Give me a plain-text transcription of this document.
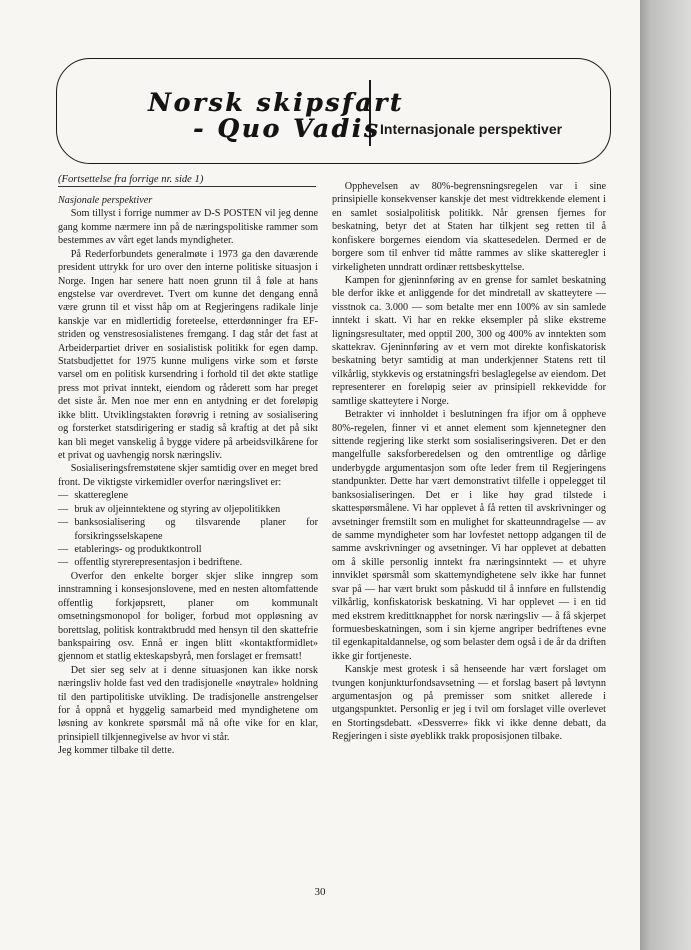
Norsk skipsfart
- Quo Vadis Internasjonale perspektiver

(Fortsettelse fra forrige nr. side 1)

Nasjonale perspektiver

Som tillyst i forrige nummer av D-S POSTEN vil jeg denne gang komme nærmere inn på de næringspolitiske rammer som bestemmes av vårt eget lands myndigheter.

På Rederforbundets generalmøte i 1973 ga den daværende president uttrykk for uro over den interne politiske situasjon i Norge. Ingen har senere hatt noen grunn til å føle at hans engstelse var overdrevet. Tvert om kunne det dengang ennå være grunn til et visst håp om at Regjeringens radikale linje kanskje var en midlertidig foreteelse, etterdønninger fra EF-striden og venstresosialistenes fremgang. I dag står det fast at Arbeiderpartiet driver en sosialistisk politikk for egen damp. Statsbudjettet for 1975 kunne muligens virke som et første varsel om en politisk kursendring i forhold til det økte statlige press mot privat inntekt, eiendom og råderett som har preget det siste år. Men noe mer enn en antydning er det foreløpig ikke blitt. Utviklingstakten forøvrig i retning av sosialisering og forsterket statsdirigering er stadig så kraftig at det på sikt kan bli meget vanskelig å bygge videre på arbeidsvilkårene for et privat og uavhengig norsk næringsliv.

Sosialiseringsfremstøtene skjer samtidig over en meget bred front. De viktigste virkemidler overfor næringslivet er:

— skattereglene
— bruk av oljeinntektene og styring av oljepolitikken
— banksosialisering og tilsvarende planer for forsikringsselskapene
— etablerings- og produktkontroll
— offentlig styrerepresentasjon i bedriftene.

Overfor den enkelte borger skjer slike inngrep som innstramning i konsesjonslovene, med en nesten altomfattende offentlig forkjøpsrett, planer om kommunalt omsetningsmonopol for boliger, forbud mot oppløsning av borettslag, politisk kontraktbrudd med hensyn til den skattefrie bankspairing osv. Ennå er ingen blitt «kontaktformidlet» gjennom et statlig ekteskapsbyrå, men forslaget er fremsatt!

Det sier seg selv at i denne situasjonen kan ikke norsk næringsliv holde fast ved den tradisjonelle «nøytrale» holdning til den partipolitiske utvikling. De tradisjonelle anstrengelser for å oppnå et hyggelig samarbeid med myndighetene om løsning av konkrete spørsmål må nå ofte vike for en klar, prinsipiell tilkjennegivelse av hvor vi står.

Jeg kommer tilbake til dette.

Opphevelsen av 80%-begrensningsregelen var i sine prinsipielle konsekvenser kanskje det mest vidtrekkende element i en samlet sosialpolitisk politikk. Når grensen fjernes for beskatning, betyr det at Staten har tilkjent seg retten til å konfiskere borgernes eiendom via skattesedelen. Dermed er de borgere som til enhver tid måtte rammes av slike skatteregler i virkeligheten unndratt ordinær rettsbeskyttelse.

Kampen for gjeninnføring av en grense for samlet beskatning ble derfor ikke et anliggende for det mindretall av skatteytere — visstnok ca. 3.000 — som betalte mer enn 100% av sin samlede inntekt i skatt. Vi har en rekke eksempler på slike ekstreme ligningsresultater, med opptil 200, 300 og 400% av inntekten som skattekrav. Gjeninnføring av et vern mot direkte konfiskatorisk beskatning betyr samtidig at man underkjenner Statens rett til vilkårlig, stykkevis og erstatningsfri beslaglegelse av eiendom. Det representerer en foreløpig seier av prinsipiell rekkevidde for samtlige skatteytere i Norge.

Betrakter vi innholdet i beslutningen fra ifjor om å oppheve 80%-regelen, finner vi et annet element som kjennetegner den sittende regjering like sterkt som sosialiseringsiveren. Det er den mangelfulle saksforberedelsen og den omtrentlige og dårlige underbygde argumentasjon som ofte leder frem til Regjeringens standpunkter. Dette har vært demonstrativt tilfelle i oppelegget til banksosialiseringen. Det er i like høy grad tilstede i skattespørsmålene. Vi har opplevet å få retten til avskrivninger og avsetninger fremstilt som en mulighet for skatteunndragelse — av de samme myndigheter som har lovfestet nettopp adgangen til de samme avskrivninger og avsetninger. Vi har opplevet at debatten om å skille personlig inntekt fra næringsinntekt — et uhyre innviklet spørsmål som skattemyndighetene selv ikke har funnet svar på — har vært brukt som påskudd til å innføre en fullstendig vilkårlig, konfiskatorisk beskatning. Vi har opplevet — i en tid med ekstrem kredittknapphet for norsk næringsliv — å få skjerpet formuesbeskatningen, som i sin kjerne angriper bedriftenes evne til egenkapitaldannelse, og som belaster dem også i de år da driften ikke gir fortjeneste.

Kanskje mest grotesk i så henseende har vært forslaget om tvungen konjunkturfondsavsetning — et forslag basert på løvtynn argumentasjon og på premisser som snitket allerede i utgangspunktet. Personlig er jeg i tvil om forslaget ville overlevet en Stortingsdebatt. «Dessverre» fikk vi ikke denne debatt, da Regjeringen i siste øyeblikk trakk proposisjonen tilbake.

30
